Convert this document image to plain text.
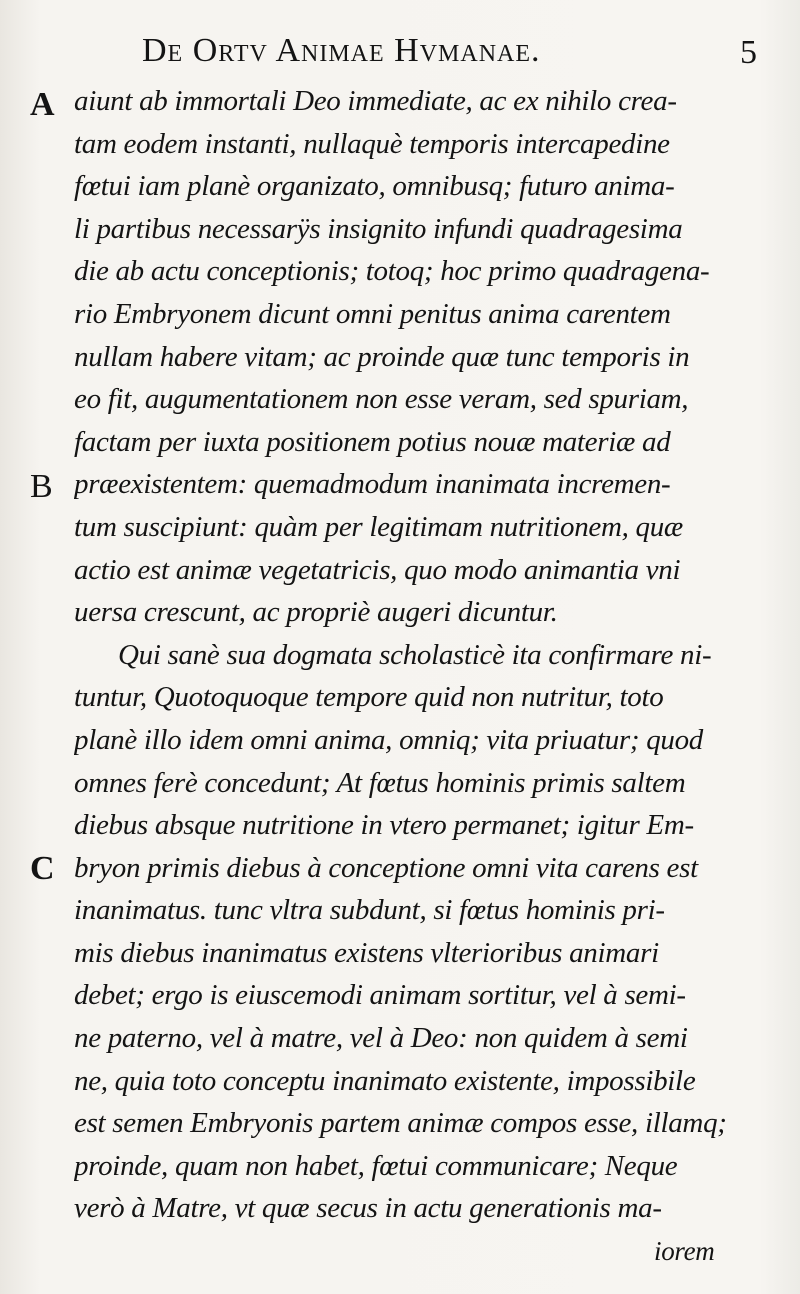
De Ortv Animae Hvmanae.	5
A
B
C
aiunt ab immortali Deo immediate, ac ex nihilo crea-
tam eodem instanti, nullaquè temporis intercapedine
fœtui iam planè organizato, omnibusq; futuro anima-
li partibus necessarÿs insignito infundi quadragesima
die ab actu conceptionis; totoq; hoc primo quadragena-
rio Embryonem dicunt omni penitus anima carentem
nullam habere vitam; ac proinde quæ tunc temporis in
eo fit, augumentationem non esse veram, sed spuriam,
factam per iuxta positionem potius nouæ materiæ ad
præexistentem: quemadmodum inanimata incremen-
tum suscipiunt: quàm per legitimam nutritionem, quæ
actio est animæ vegetatricis, quo modo animantia vni
uersa crescunt, ac propriè augeri dicuntur.
Qui sanè sua dogmata scholasticè ita confirmare ni-
tuntur, Quotoquoque tempore quid non nutritur, toto
planè illo idem omni anima, omniq; vita priuatur; quod
omnes ferè concedunt; At fœtus hominis primis saltem
diebus absque nutritione in vtero permanet; igitur Em-
bryon primis diebus à conceptione omni vita carens est
inanimatus. tunc vltra subdunt, si fœtus hominis pri-
mis diebus inanimatus existens vlterioribus animari
debet; ergo is eiuscemodi animam sortitur, vel à semi-
ne paterno, vel à matre, vel à Deo: non quidem à semi
ne, quia toto conceptu inanimato existente, impossibile
est semen Embryonis partem animæ compos esse, illamq;
proinde, quam non habet, fœtui communicare; Neque
verò à Matre, vt quæ secus in actu generationis ma-
iorem
